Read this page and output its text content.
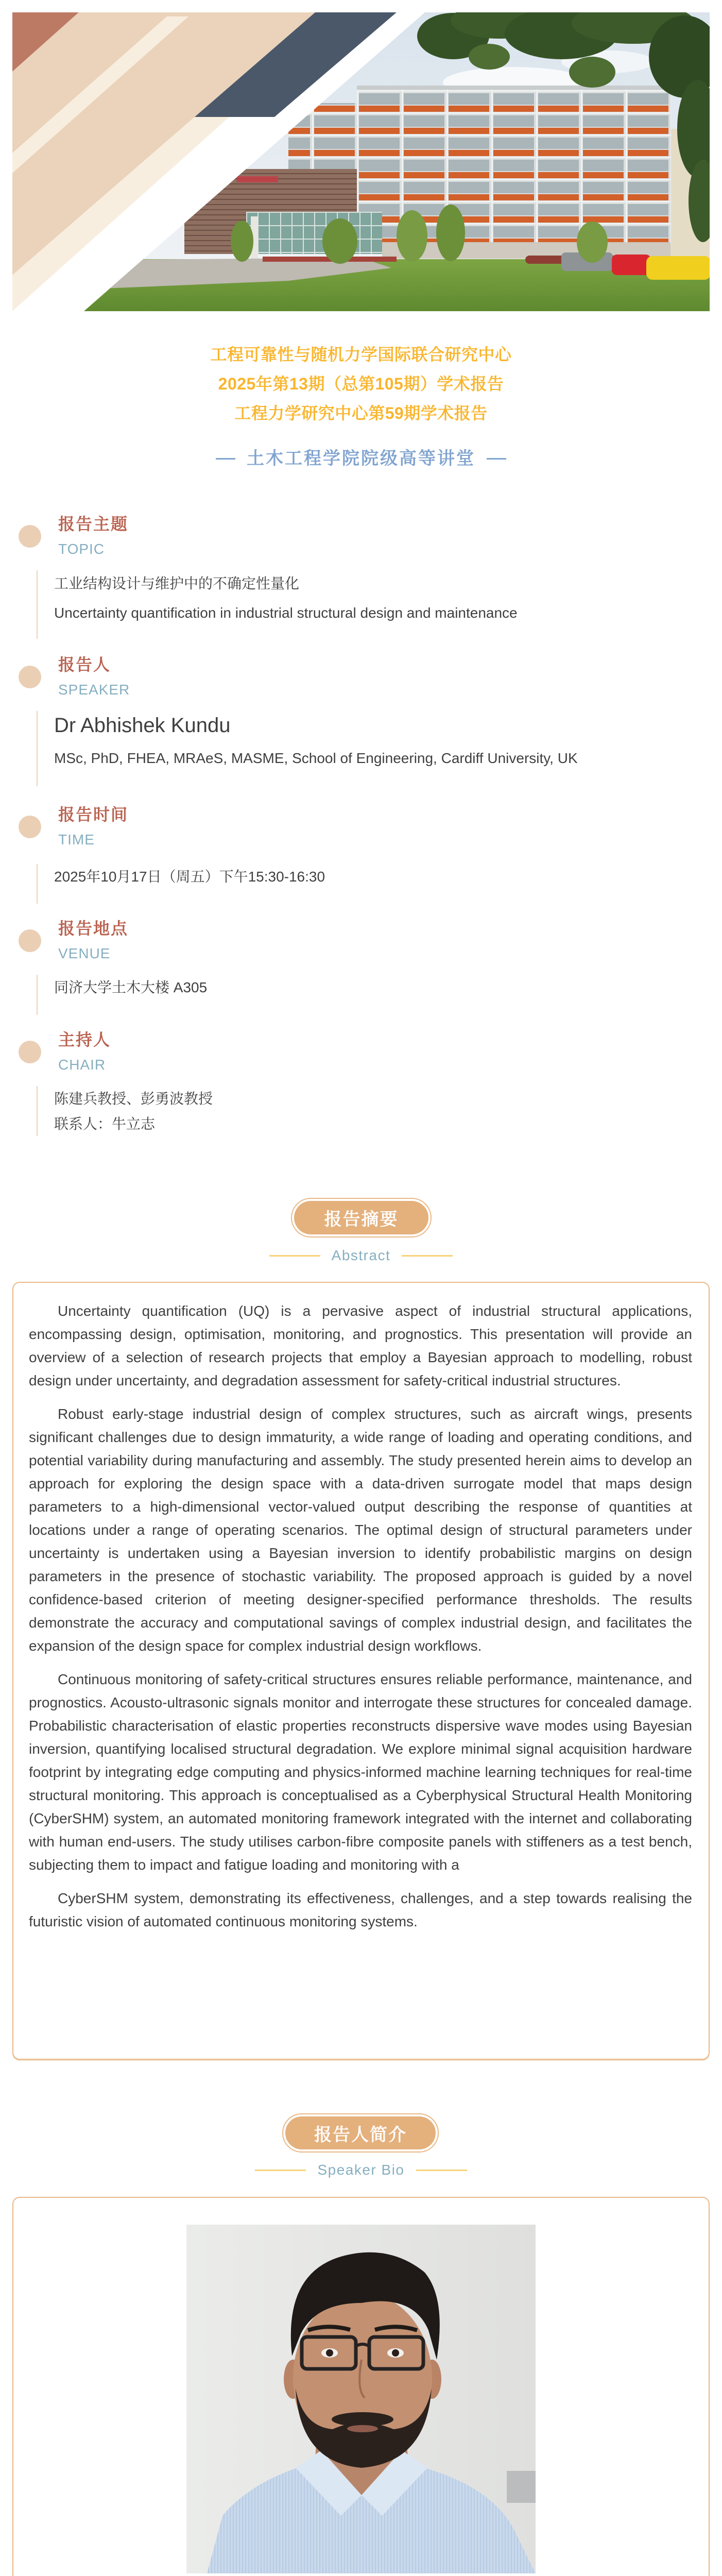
工程可靠性与随机力学国际联合研究中心
2025年第13期（总第105期）学术报告
工程力学研究中心第59期学术报告
土木工程学院院级高等讲堂
报告主题
TOPIC

工业结构设计与维护中的不确定性量化

Uncertainty quantification in industrial structural design and maintenance

报告人
SPEAKER

Dr Abhishek Kundu

MSc, PhD, FHEA, MRAeS, MASME, School of Engineering, Cardiff University, UK

报告时间
TIME

2025年10月17日（周五）下午15:30-16:30

报告地点
VENUE

同济大学土木大楼 A305

主持人
CHAIR

陈建兵教授、彭勇波教授

联系人：牛立志

报告摘要
Abstract

Uncertainty quantification (UQ) is a pervasive aspect of industrial structural applications, encompassing design, optimisation, monitoring, and prognostics. This presentation will provide an overview of a selection of research projects that employ a Bayesian approach to modelling, robust design under uncertainty, and degradation assessment for safety-critical industrial structures.

Robust early-stage industrial design of complex structures, such as aircraft wings, presents significant challenges due to design immaturity, a wide range of loading and operating conditions, and potential variability during manufacturing and assembly. The study presented herein aims to develop an approach for exploring the design space with a data-driven surrogate model that maps design parameters to a high-dimensional vector-valued output describing the response of quantities at locations under a range of operating scenarios. The optimal design of structural parameters under uncertainty is undertaken using a Bayesian inversion to identify probabilistic margins on design parameters in the presence of stochastic variability. The proposed approach is guided by a novel confidence-based criterion of meeting designer-specified performance thresholds. The results demonstrate the accuracy and computational savings of complex industrial design, and facilitates the expansion of the design space for complex industrial design workflows.

Continuous monitoring of safety-critical structures ensures reliable performance, maintenance, and prognostics. Acousto-ultrasonic signals monitor and interrogate these structures for concealed damage. Probabilistic characterisation of elastic properties reconstructs dispersive wave modes using Bayesian inversion, quantifying localised structural degradation. We explore minimal signal acquisition hardware footprint by integrating edge computing and physics-informed machine learning techniques for real-time structural monitoring. This approach is conceptualised as a Cyberphysical Structural Health Monitoring (CyberSHM) system, an automated monitoring framework integrated with the internet and collaborating with human end-users. The study utilises carbon-fibre composite panels with stiffeners as a test bench, subjecting them to impact and fatigue loading and monitoring with a

CyberSHM system, demonstrating its effectiveness, challenges, and a step towards realising the futuristic vision of automated continuous monitoring systems.

报告人简介
Speaker Bio
